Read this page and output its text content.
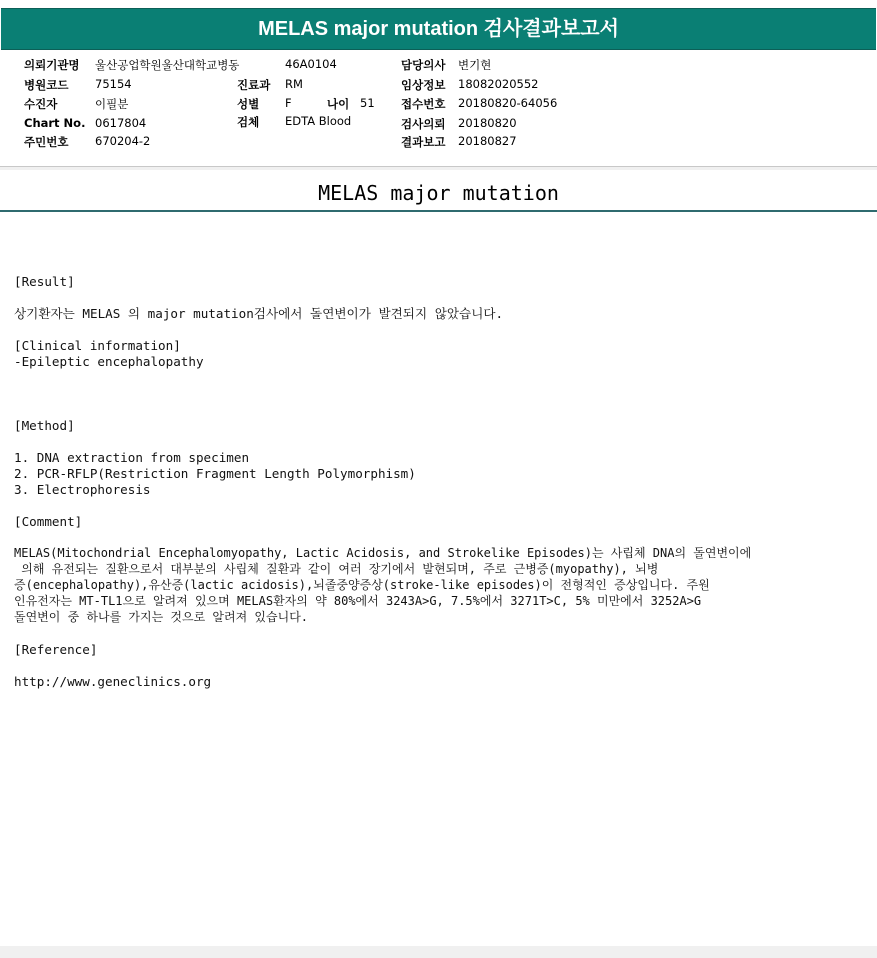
MELAS major mutation 검사결과보고서
의뢰기관명 울산공업학원울산대학교병동	46A0104	담당의사 변기현
병원코드 75154	진료과 RM	임상정보 18082020552
수진자	이필분	성별 F	나이 51 접수번호 20180820-64056
Chart No. 0617804	검체 EDTA Blood	검사의뢰 20180820
주민번호 670204-2	결과보고 20180827
MELAS major mutation
[Result]
상기환자는 MELAS 의 major mutation검사에서 돌연변이가 발견되지 않았습니다.
[Clinical information]
-Epileptic encephalopathy
[Method]
1. DNA extraction from specimen
2. PCR-RFLP(Restriction Fragment Length Polymorphism)
3. Electrophoresis
[Comment]
MELAS(Mitochondrial Encephalomyopathy, Lactic Acidosis, and Strokelike Episodes)는 사립체 DNA의 돌연변이에
의해 유전되는 질환으로서 대부분의 사립체 질환과 같이 여러 장기에서 발현되며, 주로 근병증(myopathy), 뇌병
증(encephalopathy),유산증(lactic acidosis),뇌졸중양증상(stroke-like episodes)이 전형적인 증상입니다. 주원
인유전자는 MT-TL1으로 알려져 있으며 MELAS환자의 약 80%에서 3243A>G, 7.5%에서 3271T>C, 5% 미만에서 3252A>G
돌연변이 중 하나를 가지는 것으로 알려져 있습니다.
[Reference]
http://www.geneclinics.org
